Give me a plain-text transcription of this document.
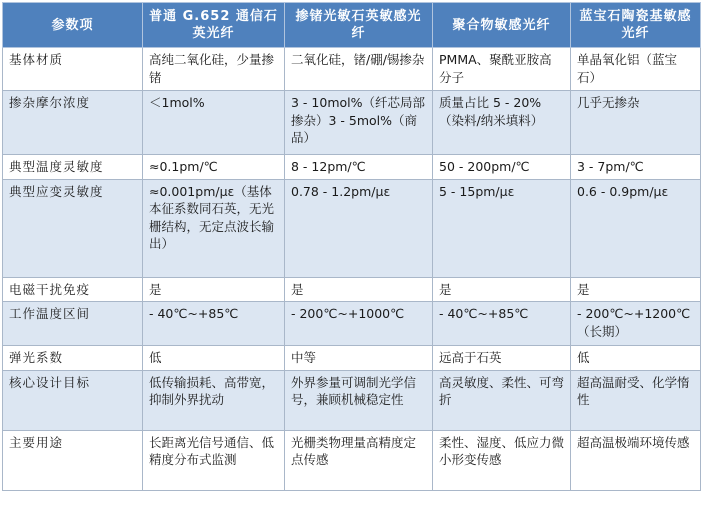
参数项	普通 G.652 通信石英光纤	掺锗光敏石英敏感光纤	聚合物敏感光纤	蓝宝石陶瓷基敏感光纤
基体材质	高纯二氧化硅，少量掺锗	二氧化硅，锗/硼/锡掺杂	PMMA、聚酰亚胺高分子	单晶氧化铝（蓝宝石）
掺杂摩尔浓度	＜1mol%	3 - 10mol%（纤芯局部掺杂）3 - 5mol%（商品）	质量占比 5 - 20%（染料/纳米填料）	几乎无掺杂
典型温度灵敏度	≈0.1pm/℃	8 - 12pm/℃	50 - 200pm/℃	3 - 7pm/℃
典型应变灵敏度	≈0.001pm/με（基体本征系数同石英，无光栅结构，无定点波长输出）	0.78 - 1.2pm/με	5 - 15pm/με	0.6 - 0.9pm/με
电磁干扰免疫	是	是	是	是
工作温度区间	- 40℃~+85℃	- 200℃~+1000℃	- 40℃~+85℃	- 200℃~+1200℃（长期）
弹光系数	低	中等	远高于石英	低
核心设计目标	低传输损耗、高带宽，抑制外界扰动	外界参量可调制光学信号，兼顾机械稳定性	高灵敏度、柔性、可弯折	超高温耐受、化学惰性
主要用途	长距离光信号通信、低精度分布式监测	光栅类物理量高精度定点传感	柔性、湿度、低应力微小形变传感	超高温极端环境传感
